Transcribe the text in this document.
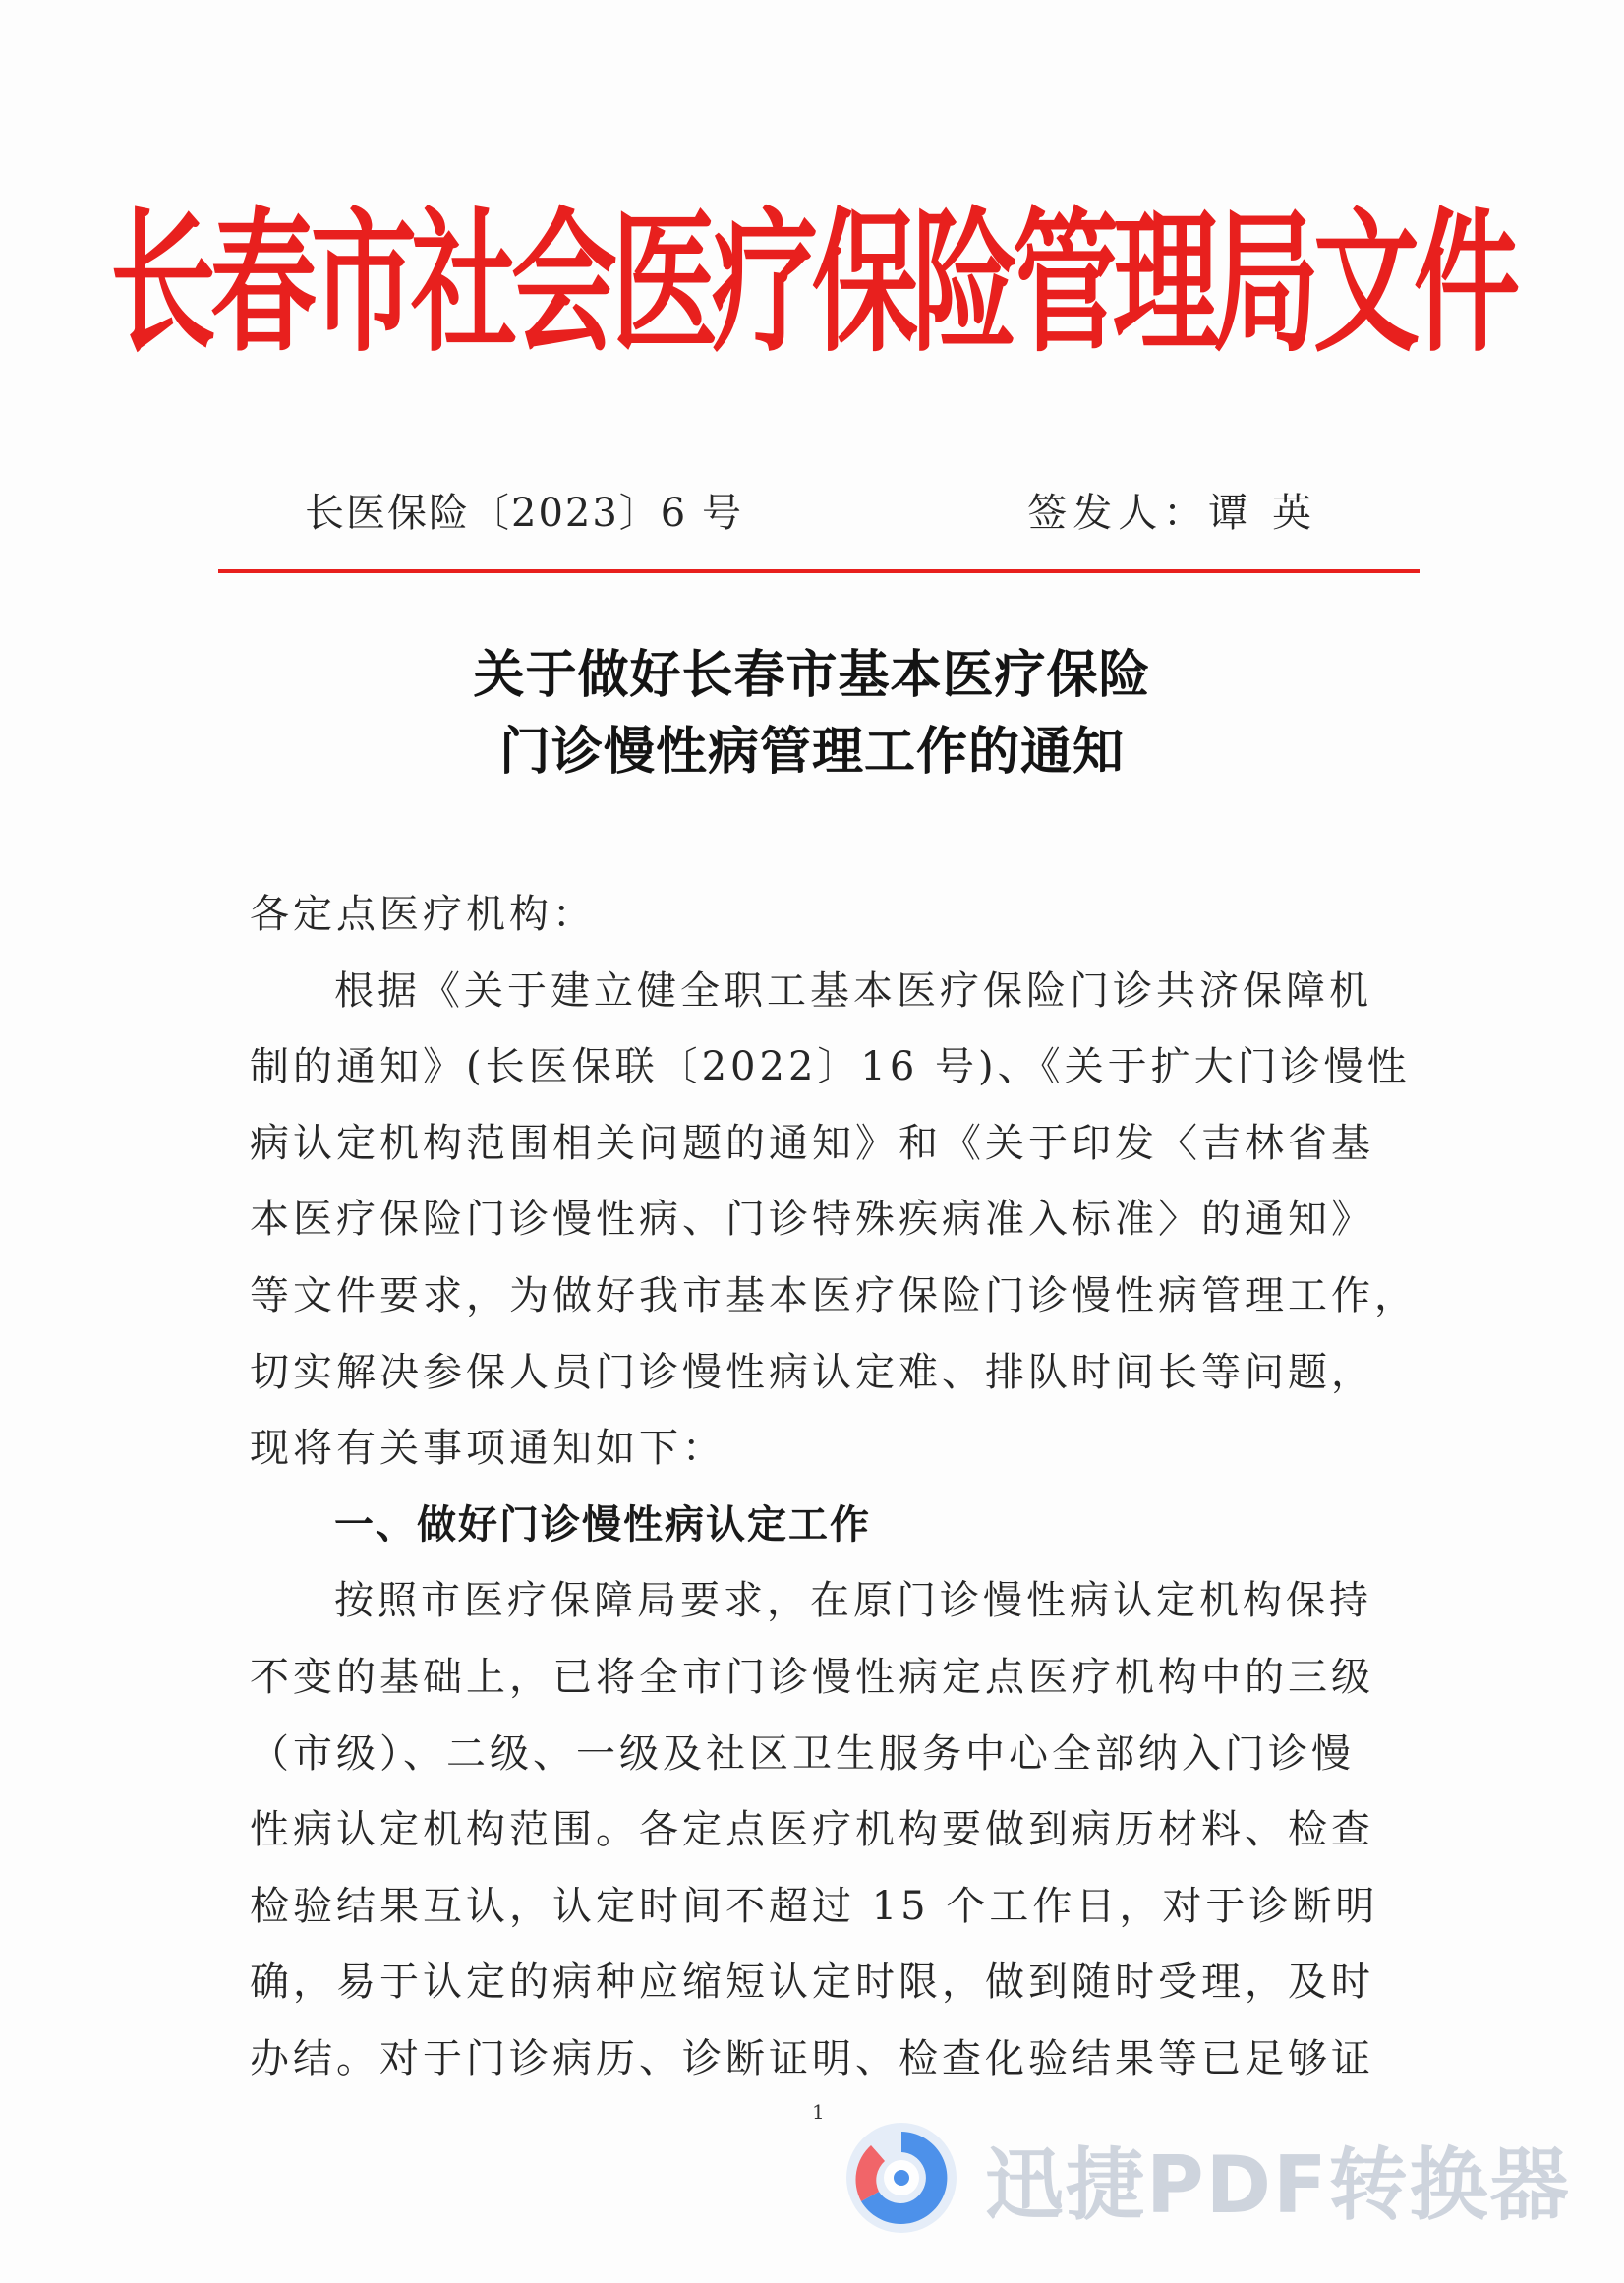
长春市社会医疗保险管理局文件
长医保险〔2023〕6 号	签发人：谭 英
关于做好长春市基本医疗保险
门诊慢性病管理工作的通知
各定点医疗机构：
根据《关于建立健全职工基本医疗保险门诊共济保障机
制的通知》(长医保联〔2022〕16 号)、《关于扩大门诊慢性
病认定机构范围相关问题的通知》和《关于印发〈吉林省基
本医疗保险门诊慢性病、门诊特殊疾病准入标准〉的通知》
等文件要求，为做好我市基本医疗保险门诊慢性病管理工作，
切实解决参保人员门诊慢性病认定难、排队时间长等问题，
现将有关事项通知如下：
一、做好门诊慢性病认定工作
按照市医疗保障局要求，在原门诊慢性病认定机构保持
不变的基础上，已将全市门诊慢性病定点医疗机构中的三级
（市级）、二级、一级及社区卫生服务中心全部纳入门诊慢
性病认定机构范围。各定点医疗机构要做到病历材料、检查
检验结果互认，认定时间不超过 15 个工作日，对于诊断明
确，易于认定的病种应缩短认定时限，做到随时受理，及时
办结。对于门诊病历、诊断证明、检查化验结果等已足够证
1
迅捷PDF转换器
